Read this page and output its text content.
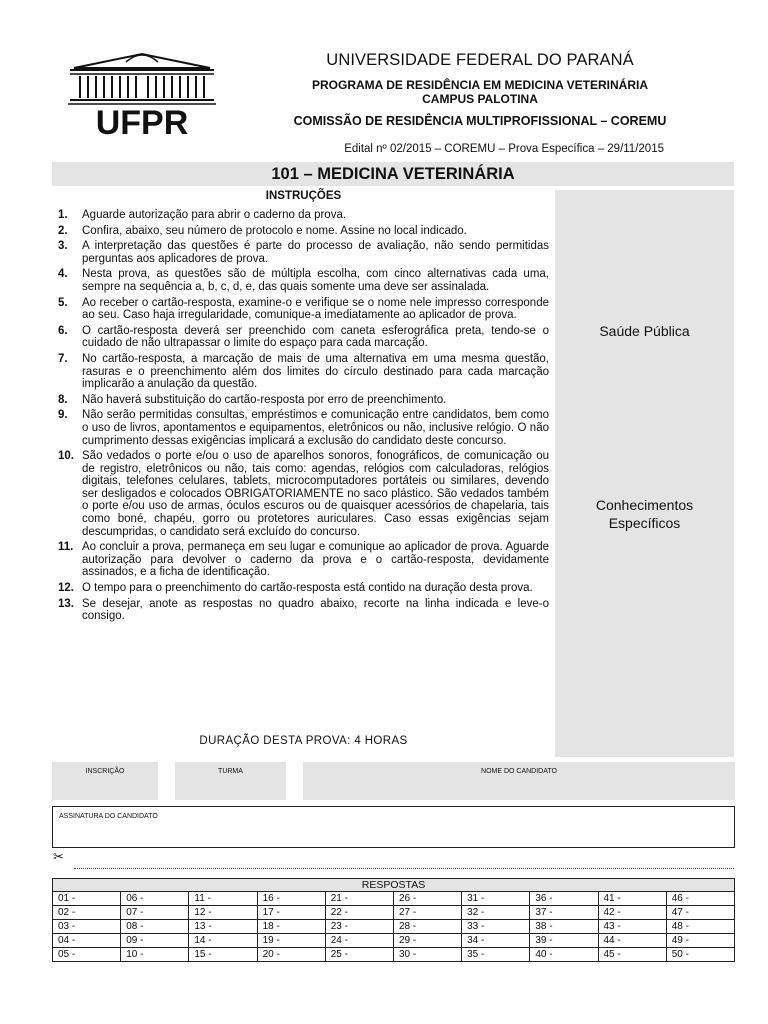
UFPR
UNIVERSIDADE FEDERAL DO PARANÁ
PROGRAMA DE RESIDÊNCIA EM MEDICINA VETERINÁRIA
CAMPUS PALOTINA
COMISSÃO DE RESIDÊNCIA MULTIPROFISSIONAL – COREMU
Edital nº 02/2015 – COREMU – Prova Específica – 29/11/2015
101 – MEDICINA VETERINÁRIA
Saúde Pública
Conhecimentos
Específicos
INSTRUÇÕES
1.	Aguarde autorização para abrir o caderno da prova.
2.	Confira, abaixo, seu número de protocolo e nome. Assine no local indicado.
3.	A interpretação das questões é parte do processo de avaliação, não sendo permitidas perguntas aos aplicadores de prova.
4.	Nesta prova, as questões são de múltipla escolha, com cinco alternativas cada uma, sempre na sequência a, b, c, d, e, das quais somente uma deve ser assinalada.
5.	Ao receber o cartão-resposta, examine-o e verifique se o nome nele impresso corresponde ao seu. Caso haja irregularidade, comunique-a imediatamente ao aplicador de prova.
6.	O cartão-resposta deverá ser preenchido com caneta esferográfica preta, tendo-se o cuidado de não ultrapassar o limite do espaço para cada marcação.
7.	No cartão-resposta, a marcação de mais de uma alternativa em uma mesma questão, rasuras e o preenchimento além dos limites do círculo destinado para cada marcação implicarão a anulação da questão.
8.	Não haverá substituição do cartão-resposta por erro de preenchimento.
9.	Não serão permitidas consultas, empréstimos e comunicação entre candidatos, bem como o uso de livros, apontamentos e equipamentos, eletrônicos ou não, inclusive relógio. O não cumprimento dessas exigências implicará a exclusão do candidato deste concurso.
10. São vedados o porte e/ou o uso de aparelhos sonoros, fonográficos, de comunicação ou de registro, eletrônicos ou não, tais como: agendas, relógios com calculadoras, relógios digitais, telefones celulares, tablets, microcomputadores portáteis ou similares, devendo ser desligados e colocados OBRIGATORIAMENTE no saco plástico. São vedados também o porte e/ou uso de armas, óculos escuros ou de quaisquer acessórios de chapelaria, tais como boné, chapéu, gorro ou protetores auriculares. Caso essas exigências sejam descumpridas, o candidato será excluído do concurso.
11. Ao concluir a prova, permaneça em seu lugar e comunique ao aplicador de prova. Aguarde autorização para devolver o caderno da prova e o cartão-resposta, devidamente assinados, e a ficha de identificação.
12. O tempo para o preenchimento do cartão-resposta está contido na duração desta prova.
13. Se desejar, anote as respostas no quadro abaixo, recorte na linha indicada e leve-o consigo.
DURAÇÃO DESTA PROVA: 4 HORAS
INSCRIÇÃO	TURMA	NOME DO CANDIDATO
ASSINATURA DO CANDIDATO
✂
RESPOSTAS									
01 -	06 -	11 -	16 -	21 -	26 -	31 -	36 -	41 -	46 -
02 -	07 -	12 -	17 -	22 -	27 -	32 -	37 -	42 -	47 -
03 -	08 -	13 -	18 -	23 -	28 -	33 -	38 -	43 -	48 -
04 -	09 -	14 -	19 -	24 -	29 -	34 -	39 -	44 -	49 -
05 -	10 -	15 -	20 -	25 -	30 -	35 -	40 -	45 -	50 -
